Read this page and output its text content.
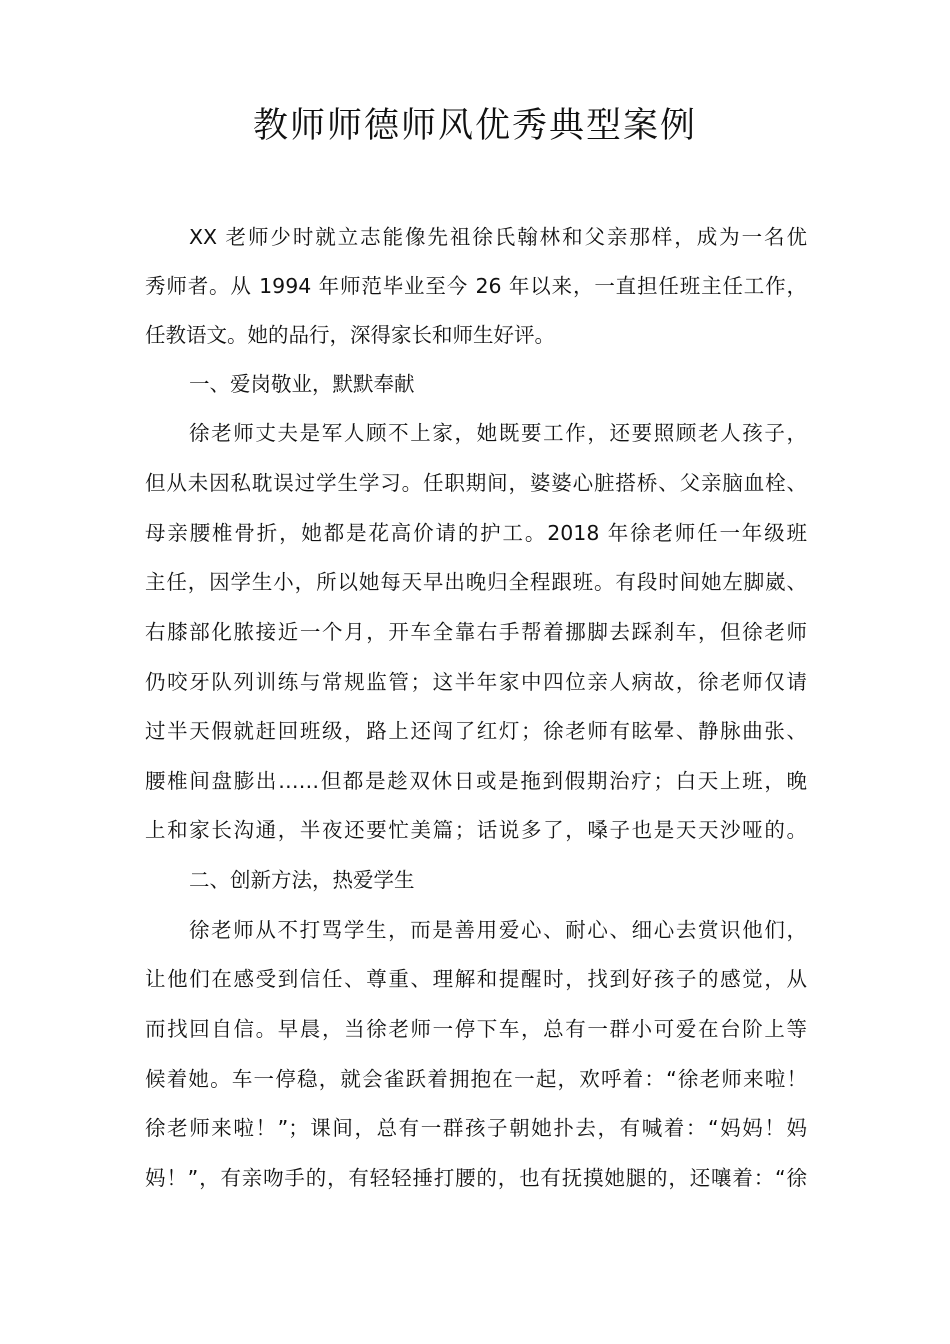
教师师德师风优秀典型案例
XX 老师少时就立志能像先祖徐氏翰林和父亲那样，成为一名优
秀师者。从 1994 年师范毕业至今 26 年以来，一直担任班主任工作，
任教语文。她的品行，深得家长和师生好评。
一、爱岗敬业，默默奉献
徐老师丈夫是军人顾不上家，她既要工作，还要照顾老人孩子，
但从未因私耽误过学生学习。任职期间，婆婆心脏搭桥、父亲脑血栓、
母亲腰椎骨折，她都是花高价请的护工。2018 年徐老师任一年级班
主任，因学生小，所以她每天早出晚归全程跟班。有段时间她左脚崴、
右膝部化脓接近一个月，开车全靠右手帮着挪脚去踩刹车，但徐老师
仍咬牙队列训练与常规监管；这半年家中四位亲人病故，徐老师仅请
过半天假就赶回班级，路上还闯了红灯；徐老师有眩晕、静脉曲张、
腰椎间盘膨出……但都是趁双休日或是拖到假期治疗；白天上班，晚
上和家长沟通，半夜还要忙美篇；话说多了，嗓子也是天天沙哑的。
二、创新方法，热爱学生
徐老师从不打骂学生，而是善用爱心、耐心、细心去赏识他们，
让他们在感受到信任、尊重、理解和提醒时，找到好孩子的感觉，从
而找回自信。早晨，当徐老师一停下车，总有一群小可爱在台阶上等
候着她。车一停稳，就会雀跃着拥抱在一起，欢呼着：“徐老师来啦！
徐老师来啦！”；课间，总有一群孩子朝她扑去，有喊着：“妈妈！妈
妈！”，有亲吻手的，有轻轻捶打腰的，也有抚摸她腿的，还嚷着：“徐
